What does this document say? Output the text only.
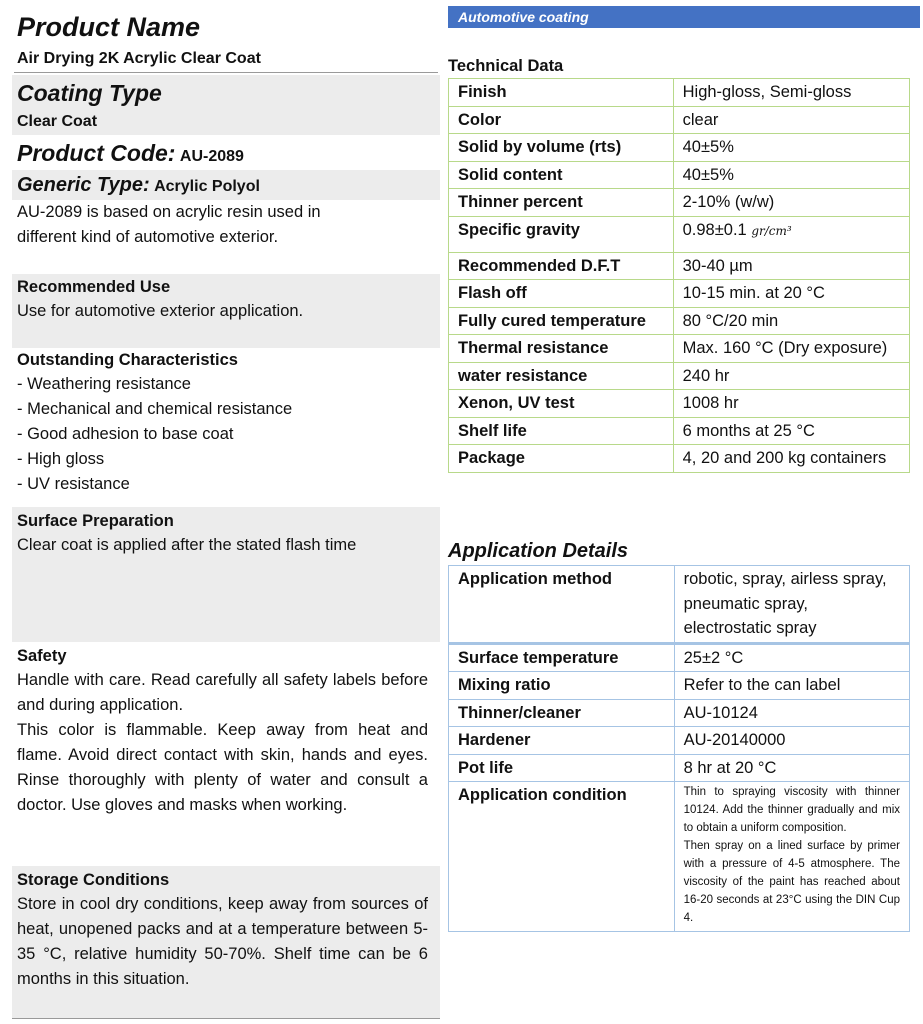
Product Name
Air Drying 2K Acrylic Clear Coat
Coating Type
Clear Coat
Product Code: AU-2089
Generic Type: Acrylic Polyol
AU-2089 is based on acrylic resin used in different kind of automotive exterior.
Recommended Use
Use for automotive exterior application.
Outstanding Characteristics
- Weathering resistance
- Mechanical and chemical resistance
- Good adhesion to base coat
- High gloss
- UV resistance
Surface Preparation
Clear coat is applied after the stated flash time
Safety
Handle with care. Read carefully all safety labels before and during application.
This color is flammable. Keep away from heat and flame. Avoid direct contact with skin, hands and eyes. Rinse thoroughly with plenty of water and consult a doctor. Use gloves and masks when working.
Storage Conditions
Store in cool dry conditions, keep away from sources of heat, unopened packs and at a temperature between 5-35 °C, relative humidity 50-70%. Shelf time can be 6 months in this situation.
Automotive coating
Technical Data
Finish	High-gloss, Semi-gloss
Color	clear
Solid by volume (rts)	40±5%
Solid content	40±5%
Thinner percent	2-10% (w/w)
Specific gravity	0.98±0.1 gr/cm³
Recommended D.F.T	30-40 µm
Flash off	10-15 min. at 20 °C
Fully cured temperature	80 °C/20 min
Thermal resistance	Max. 160 °C (Dry exposure)
water resistance	240 hr
Xenon, UV test	1008 hr
Shelf life	6 months at 25 °C
Package	4, 20 and 200 kg containers
Application Details
Application method	robotic, spray, airless spray, pneumatic spray, electrostatic spray
Surface temperature	25±2 °C
Mixing ratio	Refer to the can label
Thinner/cleaner	AU-10124
Hardener	AU-20140000
Pot life	8 hr at 20 °C
Application condition	Thin to spraying viscosity with thinner 10124. Add the thinner gradually and mix to obtain a uniform composition.
Then spray on a lined surface by primer with a pressure of 4-5 atmosphere. The viscosity of the paint has reached about 16-20 seconds at 23°C using the DIN Cup 4.
